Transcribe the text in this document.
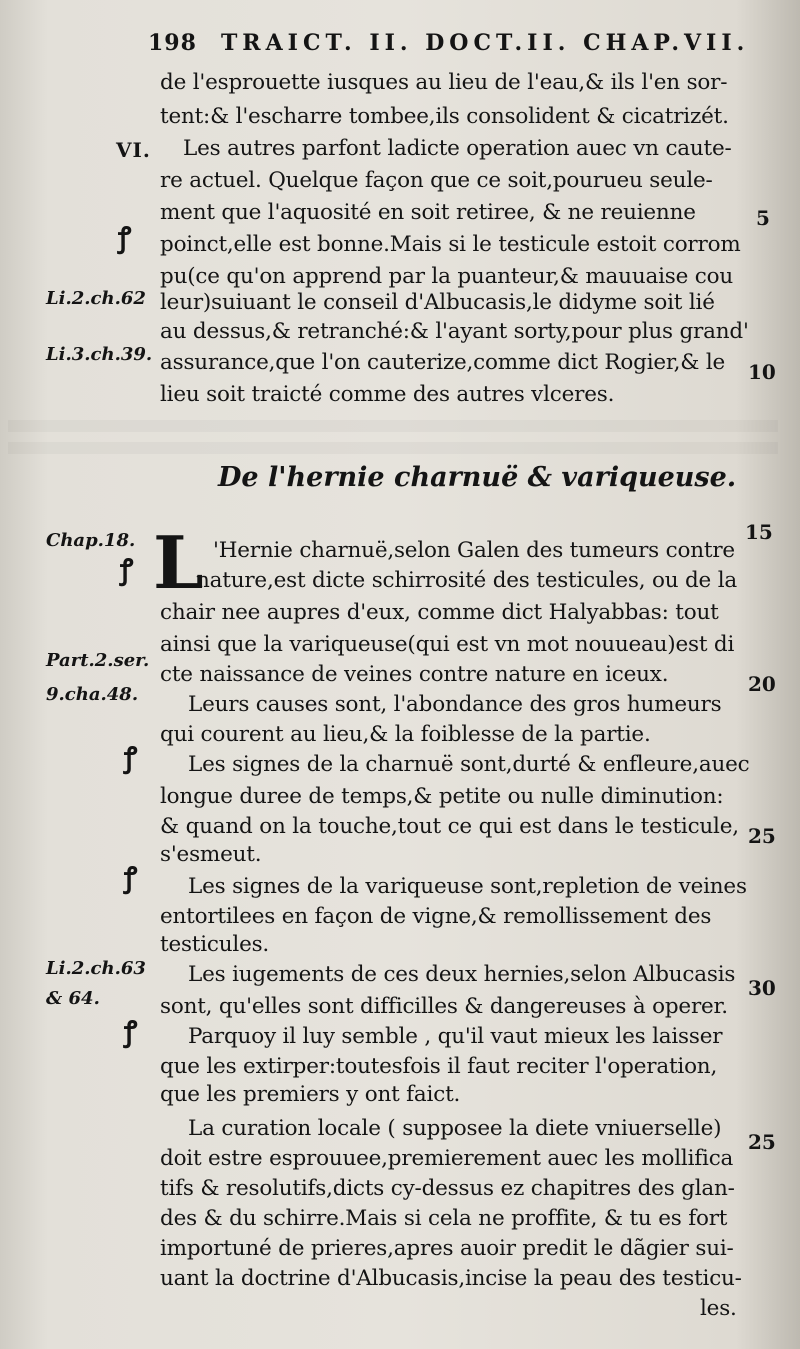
198 TRAICT. II. DOCT.II. CHAP.VII.
de l'esprouette iusques au lieu de l'eau,& ils l'en sor-
tent:& l'escharre tombee,ils consolident & cicatrizét.
VI. Les autres parfont ladicte operation auec vn caute-
re actuel. Quelque façon que ce soit,pourueu seule-
ment que l'aquosité en soit retiree, & ne reuienne	5
ꝭ poinct,elle est bonne.Mais si le testicule estoit corrom
pu(ce qu'on apprend par la puanteur,& mauuaise cou
Li.2.ch.62 leur)suiuant le conseil d'Albucasis,le didyme soit lié
au dessus,& retranché:& l'ayant sorty,pour plus grand'
Li.3.ch.39. assurance,que l'on cauterize,comme dict Rogier,& le	10
lieu soit traicté comme des autres vlceres.
De l'hernie charnuë & variqueuse.
15
Chap.18. L
ꝭ
'Hernie charnuë,selon Galen des tumeurs contre
nature,est dicte schirrosité des testicules, ou de la
chair nee aupres d'eux, comme dict Halyabbas: tout
ainsi que la variqueuse(qui est vn mot nouueau)est di
Part.2.ser.
cte naissance de veines contre nature en iceux.	20
9.cha.48. Leurs causes sont, l'abondance des gros humeurs
qui courent au lieu,& la foiblesse de la partie.
ꝭ Les signes de la charnuë sont,durté & enfleure,auec
longue duree de temps,& petite ou nulle diminution:
& quand on la touche,tout ce qui est dans le testicule, 25
s'esmeut.
ꝭ Les signes de la variqueuse sont,repletion de veines
entortilees en façon de vigne,& remollissement des
testicules.
Li.2.ch.63 Les iugements de ces deux hernies,selon Albucasis
& 64.	sont, qu'elles sont difficilles & dangereuses à operer.
30
ꝭ Parquoy il luy semble , qu'il vaut mieux les laisser
que les extirper:toutesfois il faut reciter l'operation,
que les premiers y ont faict.
La curation locale ( supposee la diete vniuerselle)
25
doit estre esprouuee,premierement auec les mollifica
tifs & resolutifs,dicts cy-dessus ez chapitres des glan-
des & du schirre.Mais si cela ne proffite, & tu es fort
importuné de prieres,apres auoir predit le dãgier sui-
uant la doctrine d'Albucasis,incise la peau des testicu-
les.
